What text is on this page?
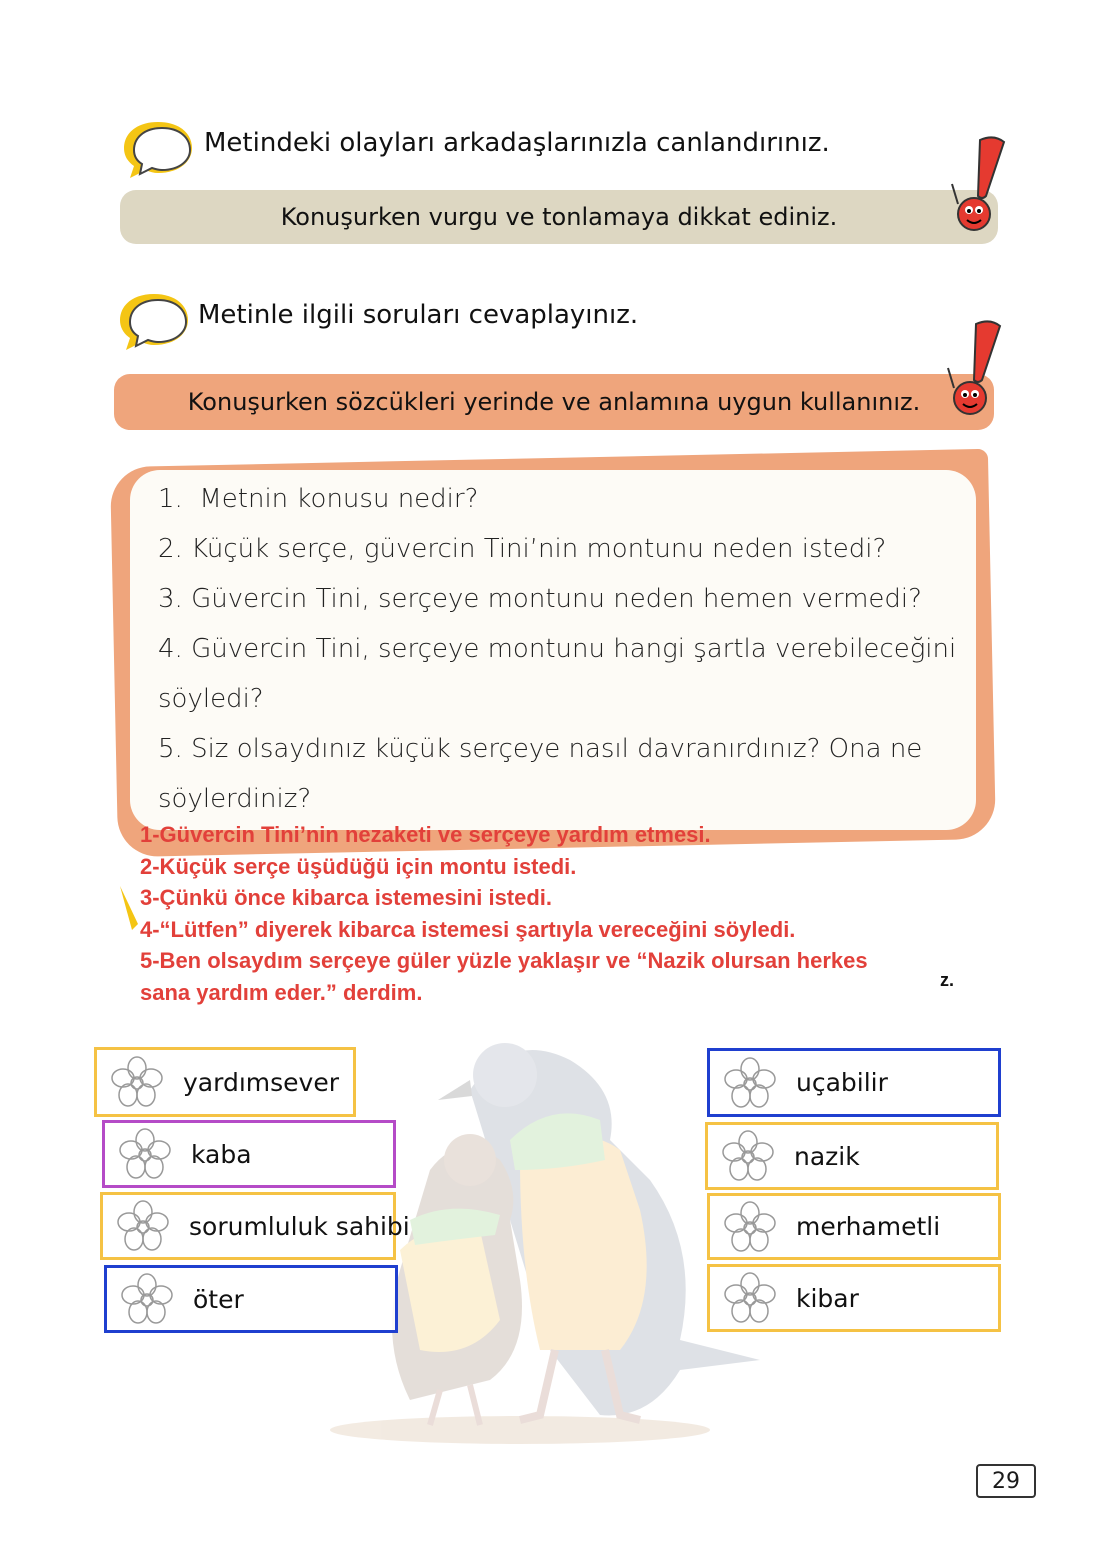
Metindeki olayları arkadaşlarınızla canlandırınız.
Konuşurken vurgu ve tonlamaya dikkat ediniz.
Metinle ilgili soruları cevaplayınız.
Konuşurken sözcükleri yerinde ve anlamına uygun kullanınız.
1. Metnin konusu nedir?
2. Küçük serçe, güvercin Tini’nin montunu neden istedi?
3. Güvercin Tini, serçeye montunu neden hemen vermedi?
4. Güvercin Tini, serçeye montunu hangi şartla verebileceğini
söyledi?
5. Siz olsaydınız küçük serçeye nasıl davranırdınız? Ona ne
söylerdiniz?
1-Güvercin Tini’nin nezaketi ve serçeye yardım etmesi.
2-Küçük serçe üşüdüğü için montu istedi.
3-Çünkü önce kibarca istemesini istedi.
4-“Lütfen” diyerek kibarca istemesi şartıyla vereceğini söyledi.
5-Ben olsaydım serçeye güler yüzle yaklaşır ve “Nazik olursan herkes
sana yardım eder.” derdim.	z.
yardımsever
kaba
sorumluluk sahibi
öter
uçabilir
nazik
merhametli
kibar
29
